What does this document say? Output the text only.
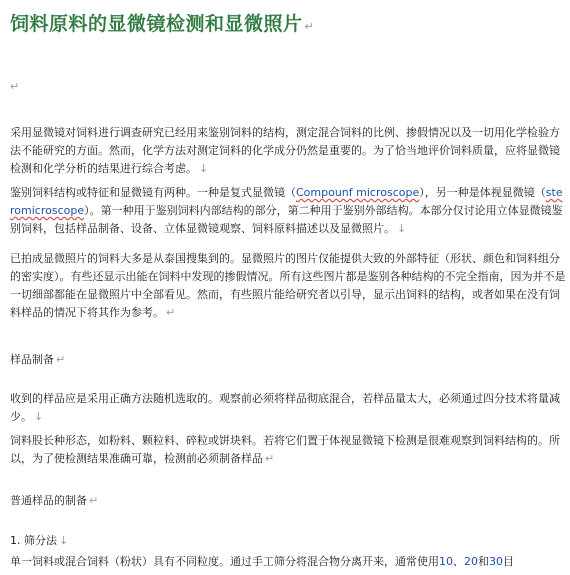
饲料原料的显微镜检测和显微照片 ↵
↵
采用显微镜对饲料进行调查研究已经用来鉴别饲料的结构，测定混合饲料的比例、掺假情况以及一切用化学检验方法不能研究的方面。然而，化学方法对测定饲料的化学成分仍然是重要的。为了恰当地评价饲料质量，应将显微镜检测和化学分析的结果进行综合考虑。 ↓
鉴别饲料结构或特征和显微镜有两种。一种是复式显微镜（Compounf microscope），另一种是体视显微镜（steromicroscope）。第一种用于鉴别饲料内部结构的部分，第二种用于鉴别外部结构。本部分仅讨论用立体显微镜鉴别饲料，包括样品制备、设备、立体显微镜观察、饲料原料描述以及显微照片。 ↓
已拍成显微照片的饲料大多是从泰国搜集到的。显微照片的图片仅能提供大致的外部特征（形状、颜色和饲料组分的密实度）。有些还显示出能在饲料中发现的掺假情况。所有这些图片都是鉴别各种结构的不完全指南，因为并不是一切细部都能在显微照片中全部看见。然而，有些照片能给研究者以引导，显示出饲料的结构，或者如果在没有饲料样品的情况下将其作为参考。 ↵
样品制备 ↵
收到的样品应是采用正确方法随机选取的。观察前必须将样品彻底混合，若样品量太大，必须通过四分技术将量减少。 ↓
饲料股长种形态，如粉料、颗粒料、碎粒或饼块料。若将它们置于体视显微镜下检测是很难观察到饲料结构的。所以，为了使检测结果准确可靠，检测前必须制备样品 ↵
普通样品的制备 ↵
1. 筛分法 ↓
单一饲料或混合饲料（粉状）具有不同粒度。通过手工筛分将混合物分离开来，通常使用10、20和30目
